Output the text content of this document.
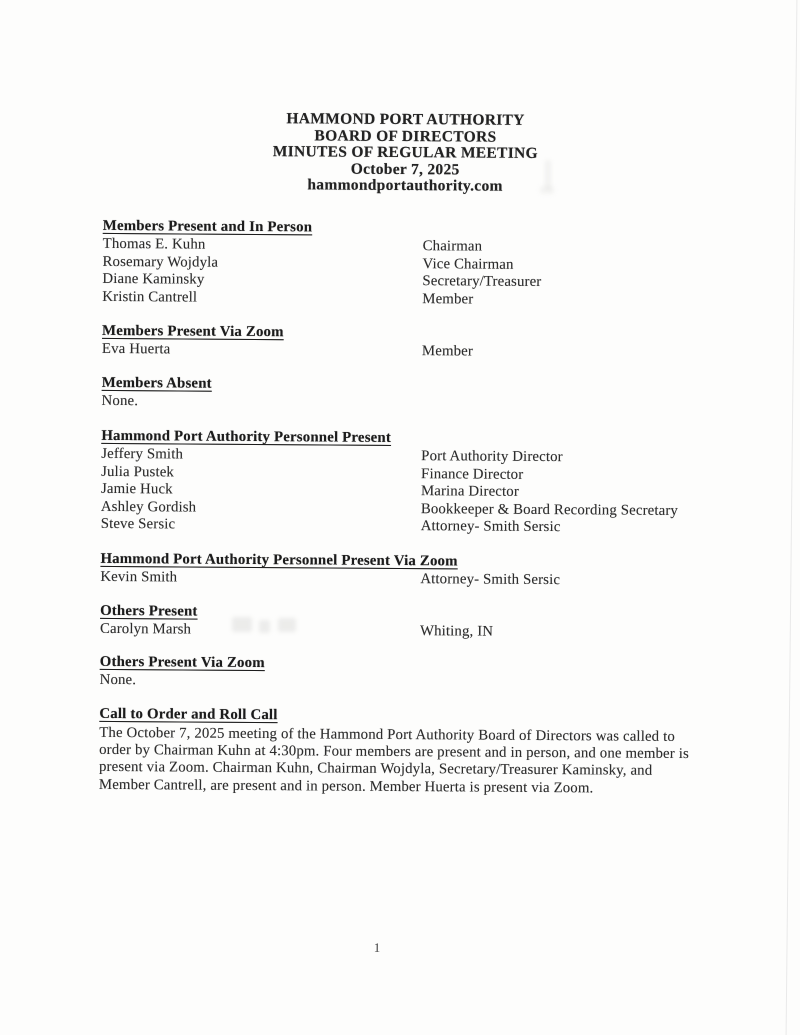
HAMMOND PORT AUTHORITY
BOARD OF DIRECTORS
MINUTES OF REGULAR MEETING
October 7, 2025
hammondportauthority.com
Members Present and In Person
Thomas E. Kuhn	Chairman
Rosemary Wojdyla	Vice Chairman
Diane Kaminsky	Secretary/Treasurer
Kristin Cantrell	Member
Members Present Via Zoom
Eva Huerta	Member
Members Absent
None.
Hammond Port Authority Personnel Present
Jeffery Smith	Port Authority Director
Julia Pustek	Finance Director
Jamie Huck	Marina Director
Ashley Gordish	Bookkeeper & Board Recording Secretary
Steve Sersic	Attorney- Smith Sersic
Hammond Port Authority Personnel Present Via Zoom
Kevin Smith	Attorney- Smith Sersic
Others Present
Carolyn Marsh	Whiting, IN
Others Present Via Zoom
None.
Call to Order and Roll Call

The October 7, 2025 meeting of the Hammond Port Authority Board of Directors was called to order by Chairman Kuhn at 4:30pm. Four members are present and in person, and one member is present via Zoom. Chairman Kuhn, Chairman Wojdyla, Secretary/Treasurer Kaminsky, and Member Cantrell, are present and in person. Member Huerta is present via Zoom.

1
